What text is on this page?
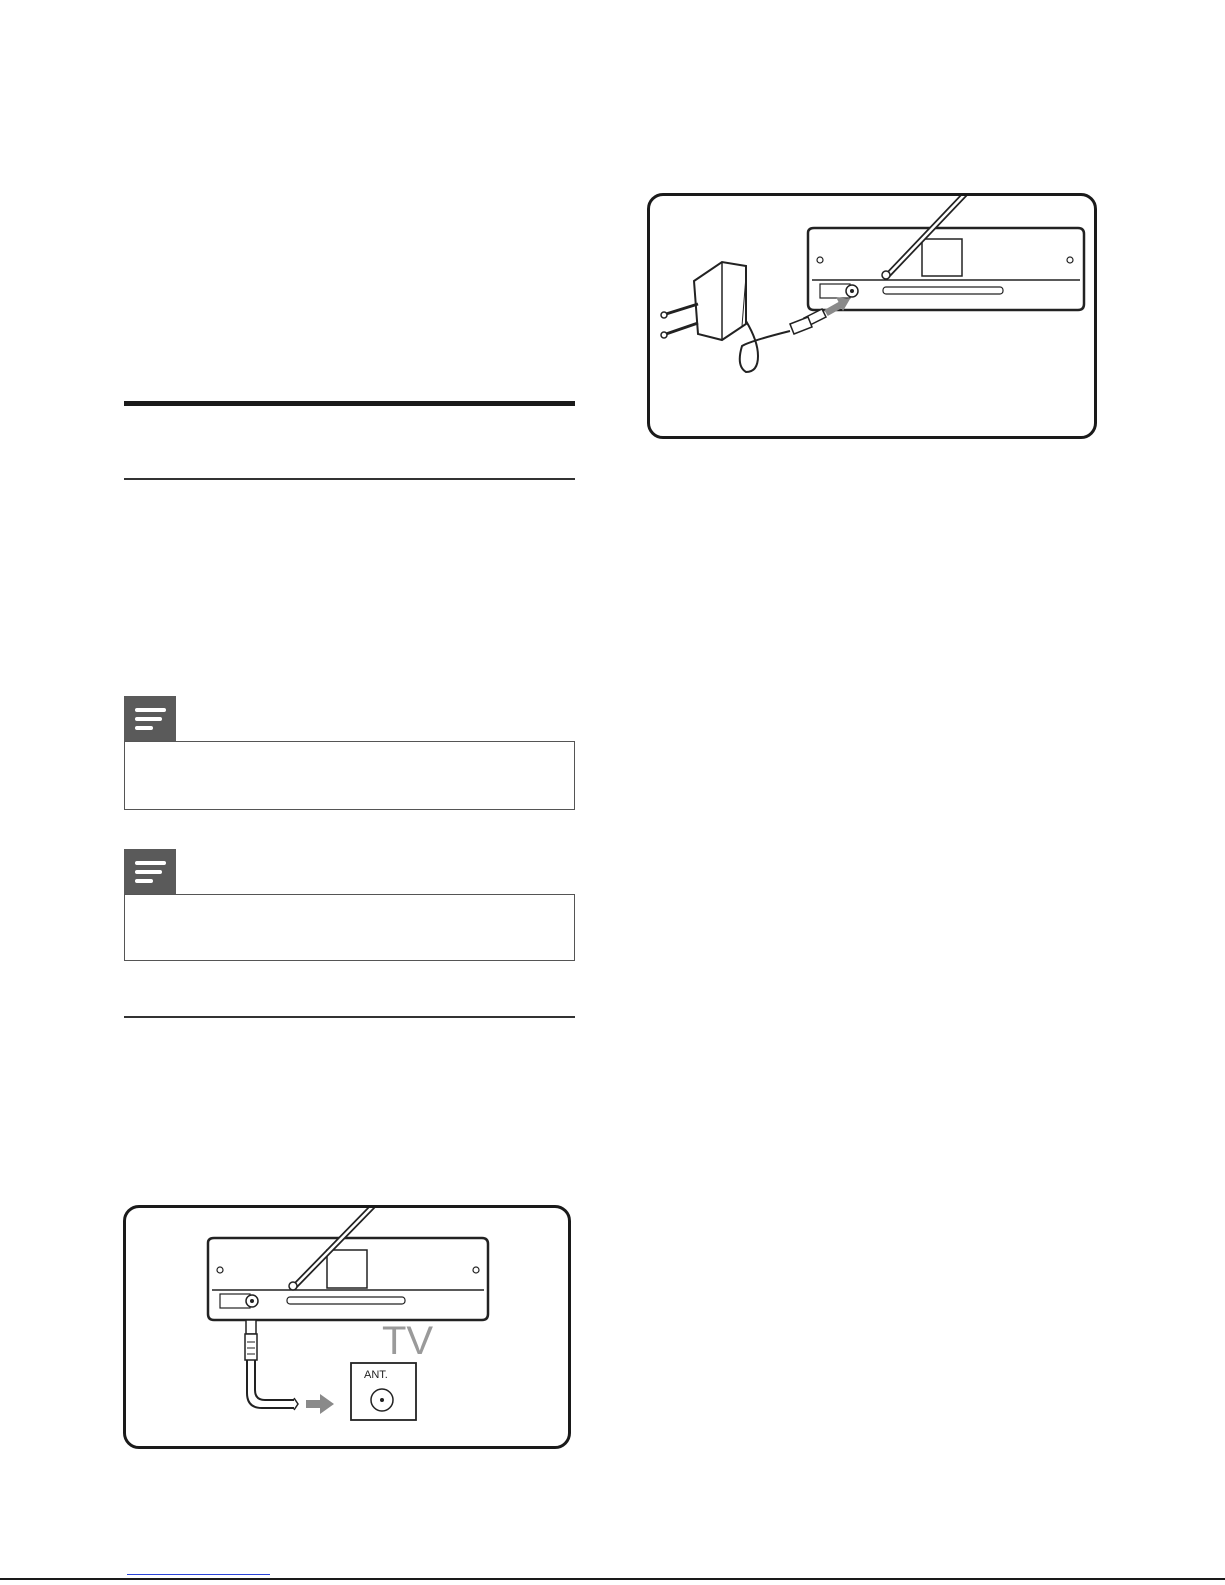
TV
ANT.
